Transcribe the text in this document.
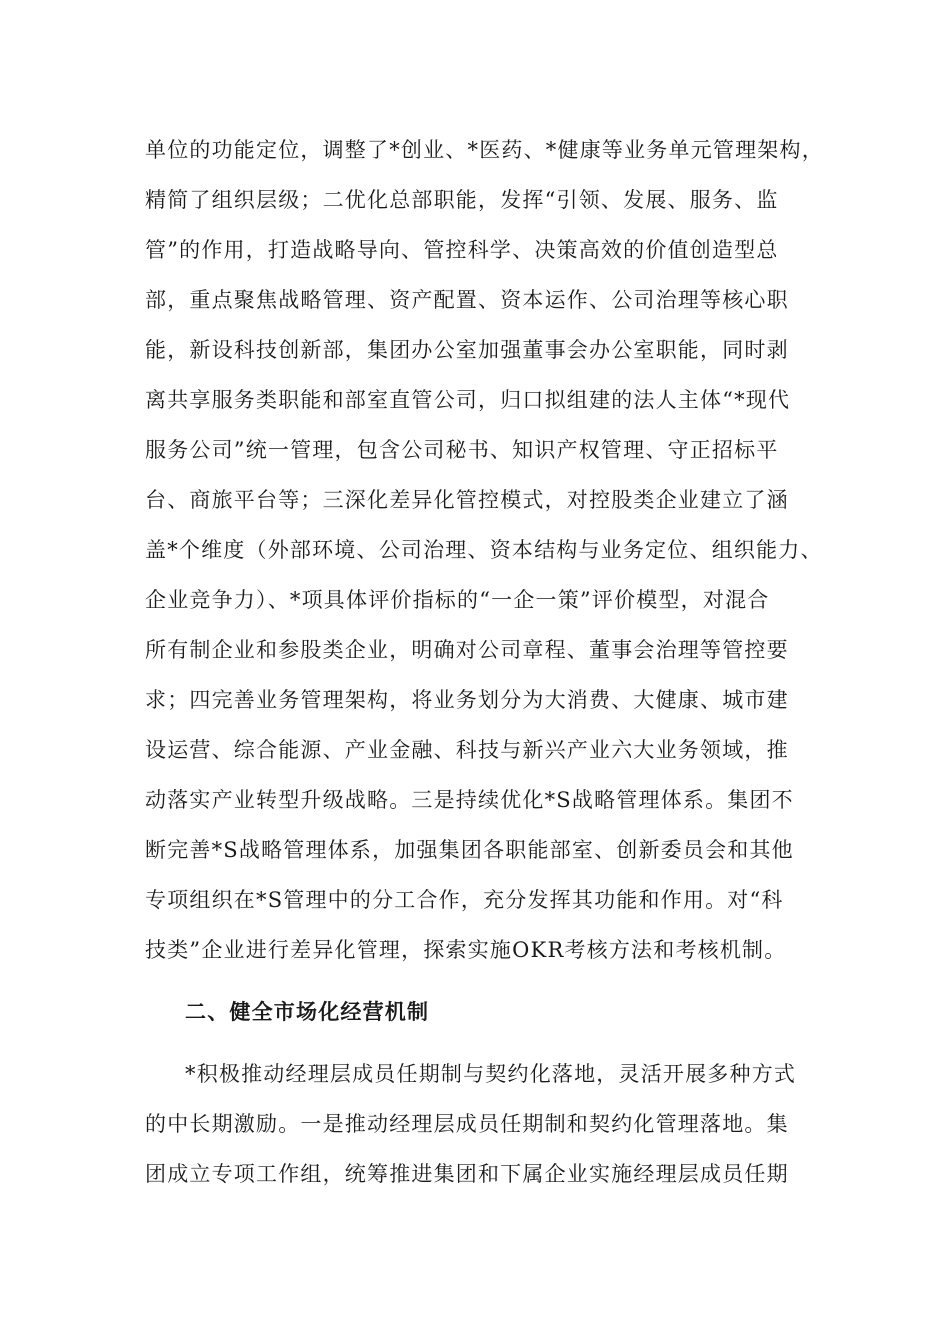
单位的功能定位，调整了*创业、*医药、*健康等业务单元管理架构，
精简了组织层级；二优化总部职能，发挥“引领、发展、服务、监
管”的作用，打造战略导向、管控科学、决策高效的价值创造型总
部，重点聚焦战略管理、资产配置、资本运作、公司治理等核心职
能，新设科技创新部，集团办公室加强董事会办公室职能，同时剥
离共享服务类职能和部室直管公司，归口拟组建的法人主体“*现代
服务公司”统一管理，包含公司秘书、知识产权管理、守正招标平
台、商旅平台等；三深化差异化管控模式，对控股类企业建立了涵
盖*个维度（外部环境、公司治理、资本结构与业务定位、组织能力、
企业竞争力）、*项具体评价指标的“一企一策”评价模型，对混合
所有制企业和参股类企业，明确对公司章程、董事会治理等管控要
求；四完善业务管理架构，将业务划分为大消费、大健康、城市建
设运营、综合能源、产业金融、科技与新兴产业六大业务领域，推
动落实产业转型升级战略。三是持续优化*S战略管理体系。集团不
断完善*S战略管理体系，加强集团各职能部室、创新委员会和其他
专项组织在*S管理中的分工合作，充分发挥其功能和作用。对“科
技类”企业进行差异化管理，探索实施OKR考核方法和考核机制。
二、健全市场化经营机制
*积极推动经理层成员任期制与契约化落地，灵活开展多种方式
的中长期激励。一是推动经理层成员任期制和契约化管理落地。集
团成立专项工作组，统筹推进集团和下属企业实施经理层成员任期
